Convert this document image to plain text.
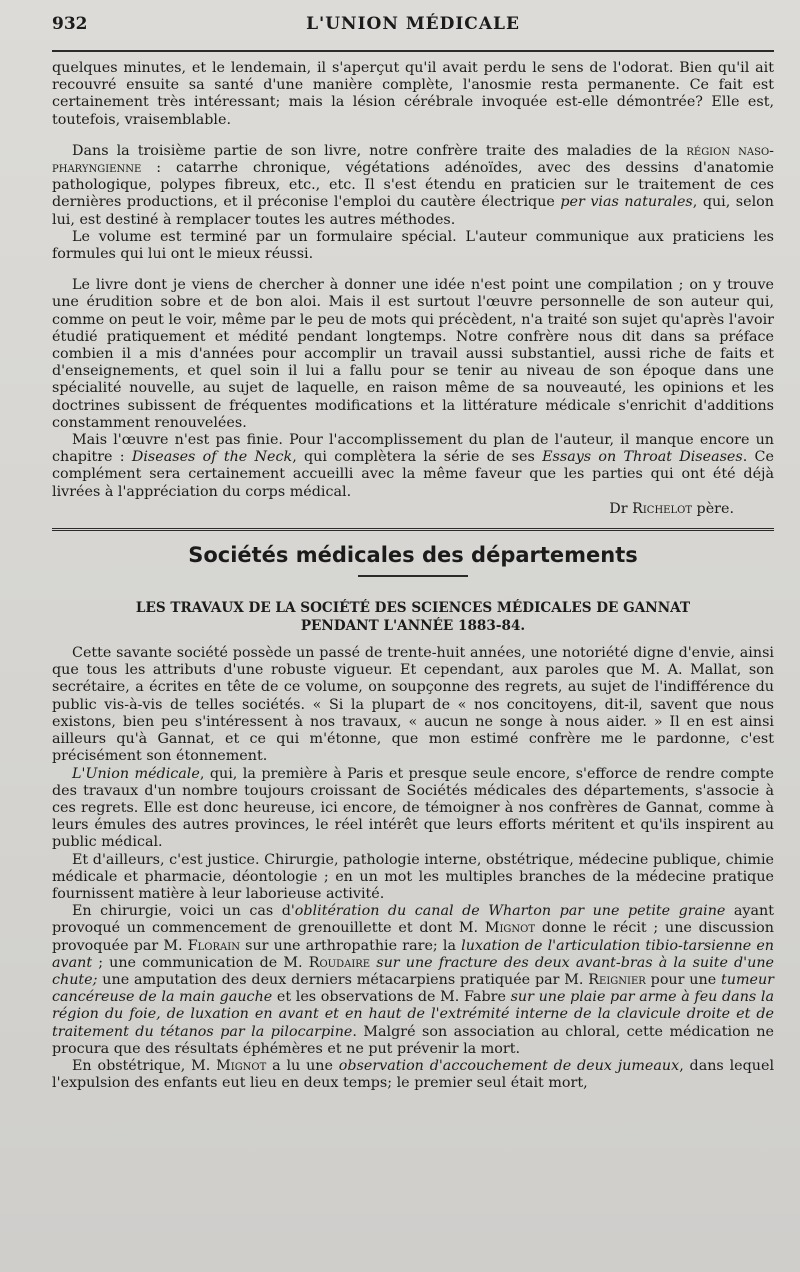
932	L'UNION MÉDICALE

quelques minutes, et le lendemain, il s'aperçut qu'il avait perdu le sens de l'odorat. Bien qu'il ait recouvré ensuite sa santé d'une manière complète, l'anosmie resta permanente. Ce fait est certainement très intéressant; mais la lésion cérébrale invoquée est-elle démontrée? Elle est, toutefois, vraisemblable.

Dans la troisième partie de son livre, notre confrère traite des maladies de la région naso-pharyngienne : catarrhe chronique, végétations adénoïdes, avec des dessins d'anatomie pathologique, polypes fibreux, etc., etc. Il s'est étendu en praticien sur le traitement de ces dernières productions, et il préconise l'emploi du cautère électrique per vias naturales, qui, selon lui, est destiné à remplacer toutes les autres méthodes.

Le volume est terminé par un formulaire spécial. L'auteur communique aux praticiens les formules qui lui ont le mieux réussi.

Le livre dont je viens de chercher à donner une idée n'est point une compilation ; on y trouve une érudition sobre et de bon aloi. Mais il est surtout l'œuvre personnelle de son auteur qui, comme on peut le voir, même par le peu de mots qui précèdent, n'a traité son sujet qu'après l'avoir étudié pratiquement et médité pendant longtemps. Notre confrère nous dit dans sa préface combien il a mis d'années pour accomplir un travail aussi substantiel, aussi riche de faits et d'enseignements, et quel soin il lui a fallu pour se tenir au niveau de son époque dans une spécialité nouvelle, au sujet de laquelle, en raison même de sa nouveauté, les opinions et les doctrines subissent de fréquentes modifications et la littérature médicale s'enrichit d'additions constamment renouvelées.

Mais l'œuvre n'est pas finie. Pour l'accomplissement du plan de l'auteur, il manque encore un chapitre : Diseases of the Neck, qui complètera la série de ses Essays on Throat Diseases. Ce complément sera certainement accueilli avec la même faveur que les parties qui ont été déjà livrées à l'appréciation du corps médical.

Dr Richelot père.
Sociétés médicales des départements
LES TRAVAUX DE LA SOCIÉTÉ DES SCIENCES MÉDICALES DE GANNAT
PENDANT L'ANNÉE 1883-84.

Cette savante société possède un passé de trente-huit années, une notoriété digne d'envie, ainsi que tous les attributs d'une robuste vigueur. Et cependant, aux paroles que M. A. Mallat, son secrétaire, a écrites en tête de ce volume, on soupçonne des regrets, au sujet de l'indifférence du public vis-à-vis de telles sociétés. « Si la plupart de « nos concitoyens, dit-il, savent que nous existons, bien peu s'intéressent à nos travaux, « aucun ne songe à nous aider. » Il en est ainsi ailleurs qu'à Gannat, et ce qui m'étonne, que mon estimé confrère me le pardonne, c'est précisément son étonnement.

L'Union médicale, qui, la première à Paris et presque seule encore, s'efforce de rendre compte des travaux d'un nombre toujours croissant de Sociétés médicales des départements, s'associe à ces regrets. Elle est donc heureuse, ici encore, de témoigner à nos confrères de Gannat, comme à leurs émules des autres provinces, le réel intérêt que leurs efforts méritent et qu'ils inspirent au public médical.

Et d'ailleurs, c'est justice. Chirurgie, pathologie interne, obstétrique, médecine publique, chimie médicale et pharmacie, déontologie ; en un mot les multiples branches de la médecine pratique fournissent matière à leur laborieuse activité.

En chirurgie, voici un cas d'oblitération du canal de Wharton par une petite graine ayant provoqué un commencement de grenouillette et dont M. Mignot donne le récit ; une discussion provoquée par M. Florain sur une arthropathie rare; la luxation de l'articulation tibio-tarsienne en avant ; une communication de M. Roudaire sur une fracture des deux avant-bras à la suite d'une chute; une amputation des deux derniers métacarpiens pratiquée par M. Reignier pour une tumeur cancéreuse de la main gauche et les observations de M. Fabre sur une plaie par arme à feu dans la région du foie, de luxation en avant et en haut de l'extrémité interne de la clavicule droite et de traitement du tétanos par la pilocarpine. Malgré son association au chloral, cette médication ne procura que des résultats éphémères et ne put prévenir la mort.

En obstétrique, M. Mignot a lu une observation d'accouchement de deux jumeaux, dans lequel l'expulsion des enfants eut lieu en deux temps; le premier seul était mort,
